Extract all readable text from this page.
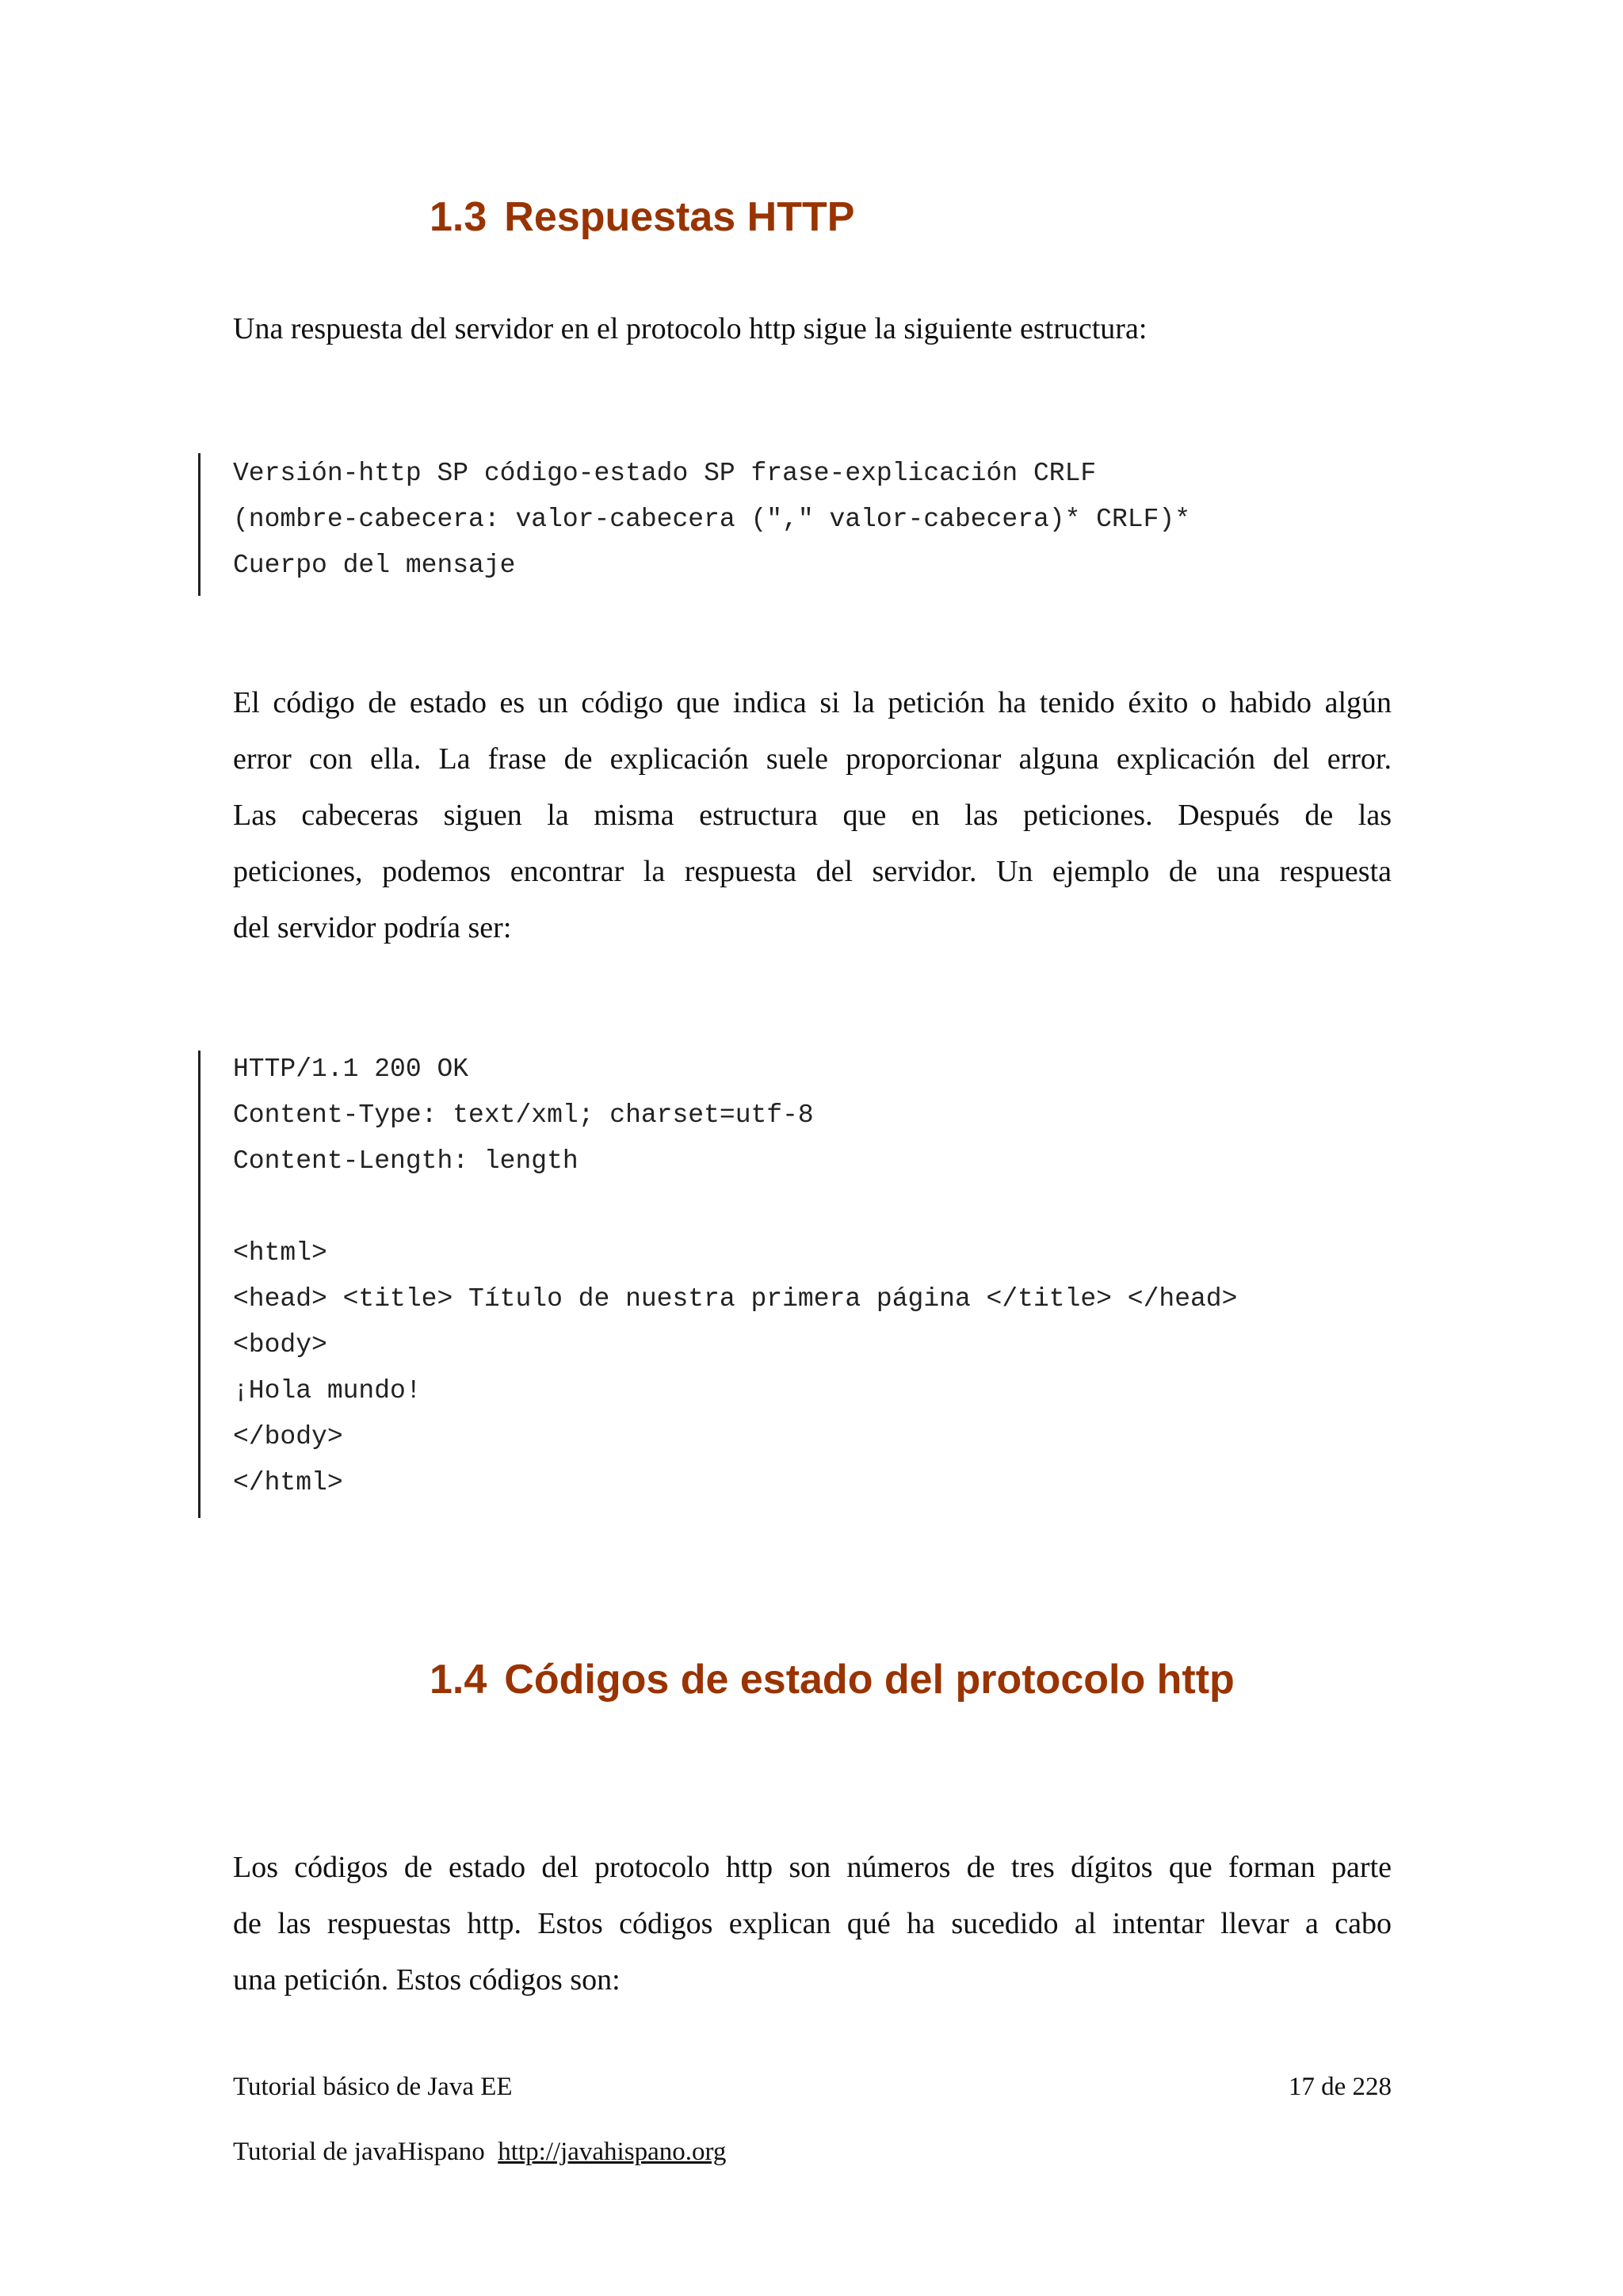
1.3 Respuestas HTTP
Una respuesta del servidor en el protocolo http sigue la siguiente estructura:
Versión-http SP código-estado SP frase-explicación CRLF
(nombre-cabecera: valor-cabecera ("," valor-cabecera)* CRLF)*
Cuerpo del mensaje
El código de estado es un código que indica si la petición ha tenido éxito o habido algún
error con ella. La frase de explicación suele proporcionar alguna explicación del error.
Las cabeceras siguen la misma estructura que en las peticiones. Después de las
peticiones, podemos encontrar la respuesta del servidor. Un ejemplo de una respuesta
del servidor podría ser:
HTTP/1.1 200 OK
Content-Type: text/xml; charset=utf-8
Content-Length: length
<html>
<head> <title> Título de nuestra primera página </title> </head>
<body>
¡Hola mundo!
</body>
</html>
1.4 Códigos de estado del protocolo http
Los códigos de estado del protocolo http son números de tres dígitos que forman parte
de las respuestas http. Estos códigos explican qué ha sucedido al intentar llevar a cabo
una petición. Estos códigos son:
Tutorial básico de Java EE	17 de 228
Tutorial de javaHispano http://javahispano.org
